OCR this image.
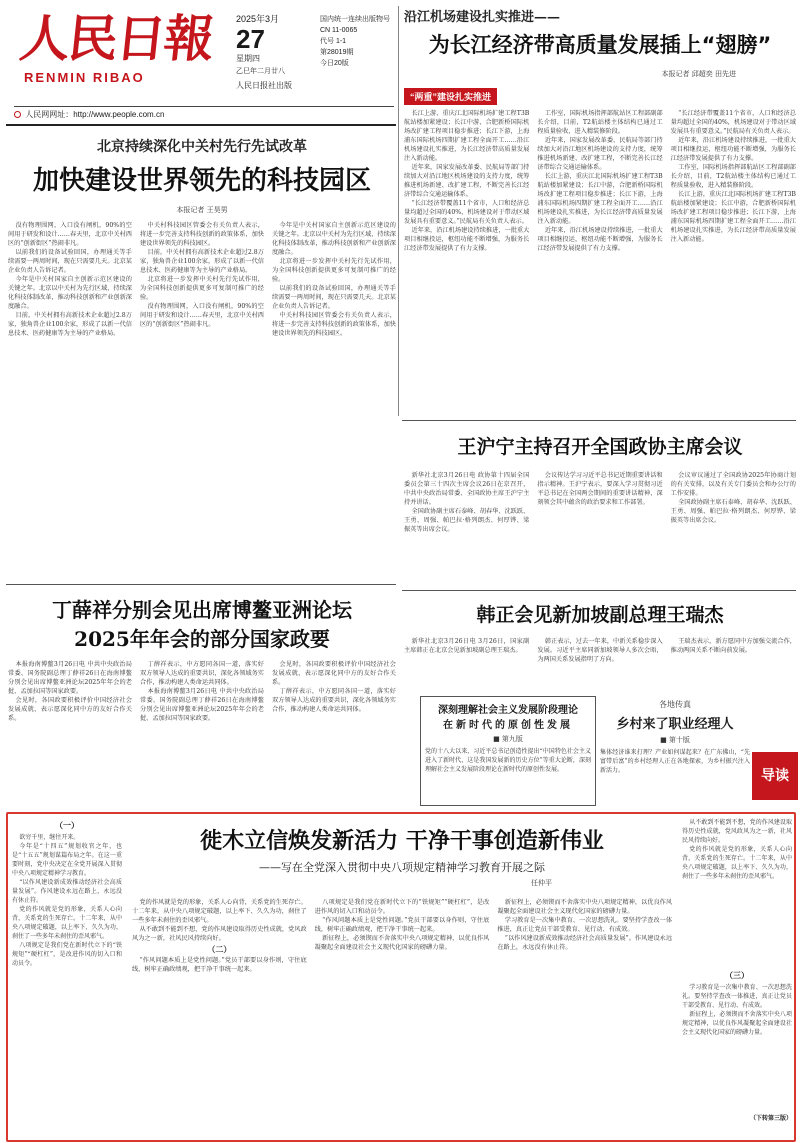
人民日報
RENMIN RIBAO
2025年3月
27
星期四
乙巳年二月廿八
人民日报社出版
国内统一连续出版物号
CN 11-0065
代号 1-1
第28019期
今日20版
人民网网址：http://www.people.com.cn
沿江机场建设扎实推进——
为长江经济带高质量发展插上“翅膀”
本报记者 邱超奕 田先进
“两重”建设扎实推进

长江上游，重庆江北国际机场扩建工程T3B航站楼加紧建设；长江中游，合肥新桥国际机场改扩建工程项目稳步推进；长江下游，上海浦东国际机场四期扩建工程全面开工……沿江机场建设扎实推进，为长江经济带高质量发展注入新动能。

近年来，国家发展改革委、民航局等部门持续加大对沿江地区机场建设的支持力度，统筹推进机场新建、改扩建工程，不断完善长江经济带综合交通运输体系。

“长江经济带覆盖11个省市，人口和经济总量均超过全国的40%，机场建设对于带动区域发展具有重要意义。”民航局有关负责人表示。

近年来，沿江机场建设持续推进，一批重大项目相继投运，枢纽功能不断增强，为服务长江经济带发展提供了有力支撑。

工作室，国际机场指挥部航站区工程部副部长介绍，目前，T2航站楼主体结构已通过工程质量验收，进入精装修阶段。

近年来，国家发展改革委、民航局等部门持续加大对沿江地区机场建设的支持力度，统筹推进机场新建、改扩建工程，不断完善长江经济带综合交通运输体系。

长江上游，重庆江北国际机场扩建工程T3B航站楼加紧建设；长江中游，合肥新桥国际机场改扩建工程项目稳步推进；长江下游，上海浦东国际机场四期扩建工程全面开工……沿江机场建设扎实推进，为长江经济带高质量发展注入新动能。

近年来，沿江机场建设持续推进，一批重大项目相继投运，枢纽功能不断增强，为服务长江经济带发展提供了有力支撑。

“长江经济带覆盖11个省市，人口和经济总量均超过全国的40%，机场建设对于带动区域发展具有重要意义。”民航局有关负责人表示。

近年来，沿江机场建设持续推进，一批重大项目相继投运，枢纽功能不断增强，为服务长江经济带发展提供了有力支撑。

工作室，国际机场指挥部航站区工程部副部长介绍，目前，T2航站楼主体结构已通过工程质量验收，进入精装修阶段。

长江上游，重庆江北国际机场扩建工程T3B航站楼加紧建设；长江中游，合肥新桥国际机场改扩建工程项目稳步推进；长江下游，上海浦东国际机场四期扩建工程全面开工……沿江机场建设扎实推进，为长江经济带高质量发展注入新动能。

北京持续深化中关村先行先试改革
加快建设世界领先的科技园区
本报记者 王昊男

没有物理围网，入口没有闸机，90%的空间用于研发和设计……春天里，北京中关村西区的“创新街区”热闹非凡。

以前我们的设备试验回国，办理通关等手续需要一两周时间，现在只需要几天。北京某企业负责人告诉记者。

今年是中关村国家自主创新示范区建设的关键之年。北京以中关村为先行区域，持续深化科技体制改革，推动科技创新和产业创新深度融合。

目前，中关村拥有高新技术企业超过2.8万家，独角兽企业100余家，形成了以新一代信息技术、医药健康等为主导的产业格局。

中关村科技园区管委会有关负责人表示，将进一步完善支持科技创新的政策体系，加快建设世界领先的科技园区。

目前，中关村拥有高新技术企业超过2.8万家，独角兽企业100余家，形成了以新一代信息技术、医药健康等为主导的产业格局。

北京将进一步发挥中关村先行先试作用，为全国科技创新提供更多可复制可推广的经验。

没有物理围网，入口没有闸机，90%的空间用于研发和设计……春天里，北京中关村西区的“创新街区”热闹非凡。

今年是中关村国家自主创新示范区建设的关键之年。北京以中关村为先行区域，持续深化科技体制改革，推动科技创新和产业创新深度融合。

北京将进一步发挥中关村先行先试作用，为全国科技创新提供更多可复制可推广的经验。

以前我们的设备试验回国，办理通关等手续需要一两周时间，现在只需要几天。北京某企业负责人告诉记者。

中关村科技园区管委会有关负责人表示，将进一步完善支持科技创新的政策体系，加快建设世界领先的科技园区。

王沪宁主持召开全国政协主席会议

新华社北京3月26日电 政协第十四届全国委员会第三十四次主席会议26日在京召开，中共中央政治局常委、全国政协主席王沪宁主持并讲话。

全国政协副主席石泰峰、胡春华、沈跃跃、王勇、周强、帕巴拉·格列朗杰、何厚铧、梁振英等出席会议。

会议传达学习习近平总书记近期重要讲话和指示精神。王沪宁表示，要深入学习贯彻习近平总书记在全国两会期间的重要讲话精神，深刻领会其中蕴含的政治要求和工作部署。

会议审议通过了全国政协2025年协商计划的有关安排，以及有关专门委员会和办公厅的工作安排。

全国政协副主席石泰峰、胡春华、沈跃跃、王勇、周强、帕巴拉·格列朗杰、何厚铧、梁振英等出席会议。

丁薛祥分别会见出席博鳌亚洲论坛
2025年年会的部分国家政要

本报海南博鳌3月26日电 中共中央政治局常委、国务院副总理丁薛祥26日在海南博鳌分别会见出席博鳌亚洲论坛2025年年会的老挝、孟加拉国等国家政要。

会见时，各国政要积极评价中国经济社会发展成就，表示愿深化同中方的友好合作关系。

丁薛祥表示，中方愿同各国一道，落实好双方领导人达成的重要共识，深化各领域务实合作，推动构建人类命运共同体。

本报海南博鳌3月26日电 中共中央政治局常委、国务院副总理丁薛祥26日在海南博鳌分别会见出席博鳌亚洲论坛2025年年会的老挝、孟加拉国等国家政要。

会见时，各国政要积极评价中国经济社会发展成就，表示愿深化同中方的友好合作关系。

丁薛祥表示，中方愿同各国一道，落实好双方领导人达成的重要共识，深化各领域务实合作，推动构建人类命运共同体。

韩正会见新加坡副总理王瑞杰

新华社北京3月26日电 3月26日，国家副主席韩正在北京会见新加坡副总理王瑞杰。

韩正表示，过去一年来，中新关系稳步深入发展。习近平主席同新加坡领导人多次会晤，为两国关系发展指明了方向。

王瑞杰表示，新方愿同中方加强交流合作，推动两国关系不断向前发展。

深刻理解社会主义发展阶段理论
在新时代的原创性发展
■ 第九版
党的十八大以来，习近平总书记创造性提出“中国特色社会主义进入了新时代，这是我国发展新的历史方位”等重大论断，深刻理解社会主义发展阶段理论在新时代的原创性发展。
各地传真
乡村来了职业经理人
■ 第十版
集体经济谁来打理？产业如何谋起来？在广东佛山，“先富带后富”的乡村经理人正在各地探索，为乡村振兴注入新活力。	导读
（一）

欲穷千里，继往开来。

今年是“十四五”规划收官之年，也是“十五五”规划谋篇布局之年。在这一重要时刻，党中央决定在全党开展深入贯彻中央八项规定精神学习教育。

“以作风建设新成效推动经济社会高质量发展”。作风建设永远在路上，永远没有休止符。

党的作风就是党的形象，关系人心向背，关系党的生死存亡。十二年来，从中央八项规定破题，以上率下、久久为功，刹住了一些多年未刹住的歪风邪气。

八项规定是我们党在新时代立下的“铁规矩”“硬杠杠”，是改进作风的切入口和动员令。

徙木立信焕发新活力 干净干事创造新伟业
——写在全党深入贯彻中央八项规定精神学习教育开展之际
任仲平

党的作风就是党的形象，关系人心向背，关系党的生死存亡。十二年来，从中央八项规定破题，以上率下、久久为功，刹住了一些多年未刹住的歪风邪气。

从不敢到不能到不想，党的作风建设取得历史性成就，党风政风为之一新，社风民风持续向好。

（二）

“作风问题本质上是党性问题。”党员干部要以身作则，守住底线，树牢正确政绩观，把干净干事统一起来。

八项规定是我们党在新时代立下的“铁规矩”“硬杠杠”，是改进作风的切入口和动员令。

“作风问题本质上是党性问题。”党员干部要以身作则，守住底线，树牢正确政绩观，把干净干事统一起来。

新征程上，必须锲而不舍落实中央八项规定精神，以优良作风凝聚起全面建设社会主义现代化国家的磅礴力量。

新征程上，必须锲而不舍落实中央八项规定精神，以优良作风凝聚起全面建设社会主义现代化国家的磅礴力量。

学习教育是一次集中教育、一次思想洗礼。要坚持学查改一体推进，真正让党员干部受教育、见行动、有成效。

“以作风建设新成效推动经济社会高质量发展”。作风建设永远在路上，永远没有休止符。

从不敢到不能到不想，党的作风建设取得历史性成就，党风政风为之一新，社风民风持续向好。

党的作风就是党的形象，关系人心向背，关系党的生死存亡。十二年来，从中央八项规定破题，以上率下、久久为功，刹住了一些多年未刹住的歪风邪气。

（三）

学习教育是一次集中教育、一次思想洗礼。要坚持学查改一体推进，真正让党员干部受教育、见行动、有成效。

新征程上，必须锲而不舍落实中央八项规定精神，以优良作风凝聚起全面建设社会主义现代化国家的磅礴力量。

（下转第三版）
